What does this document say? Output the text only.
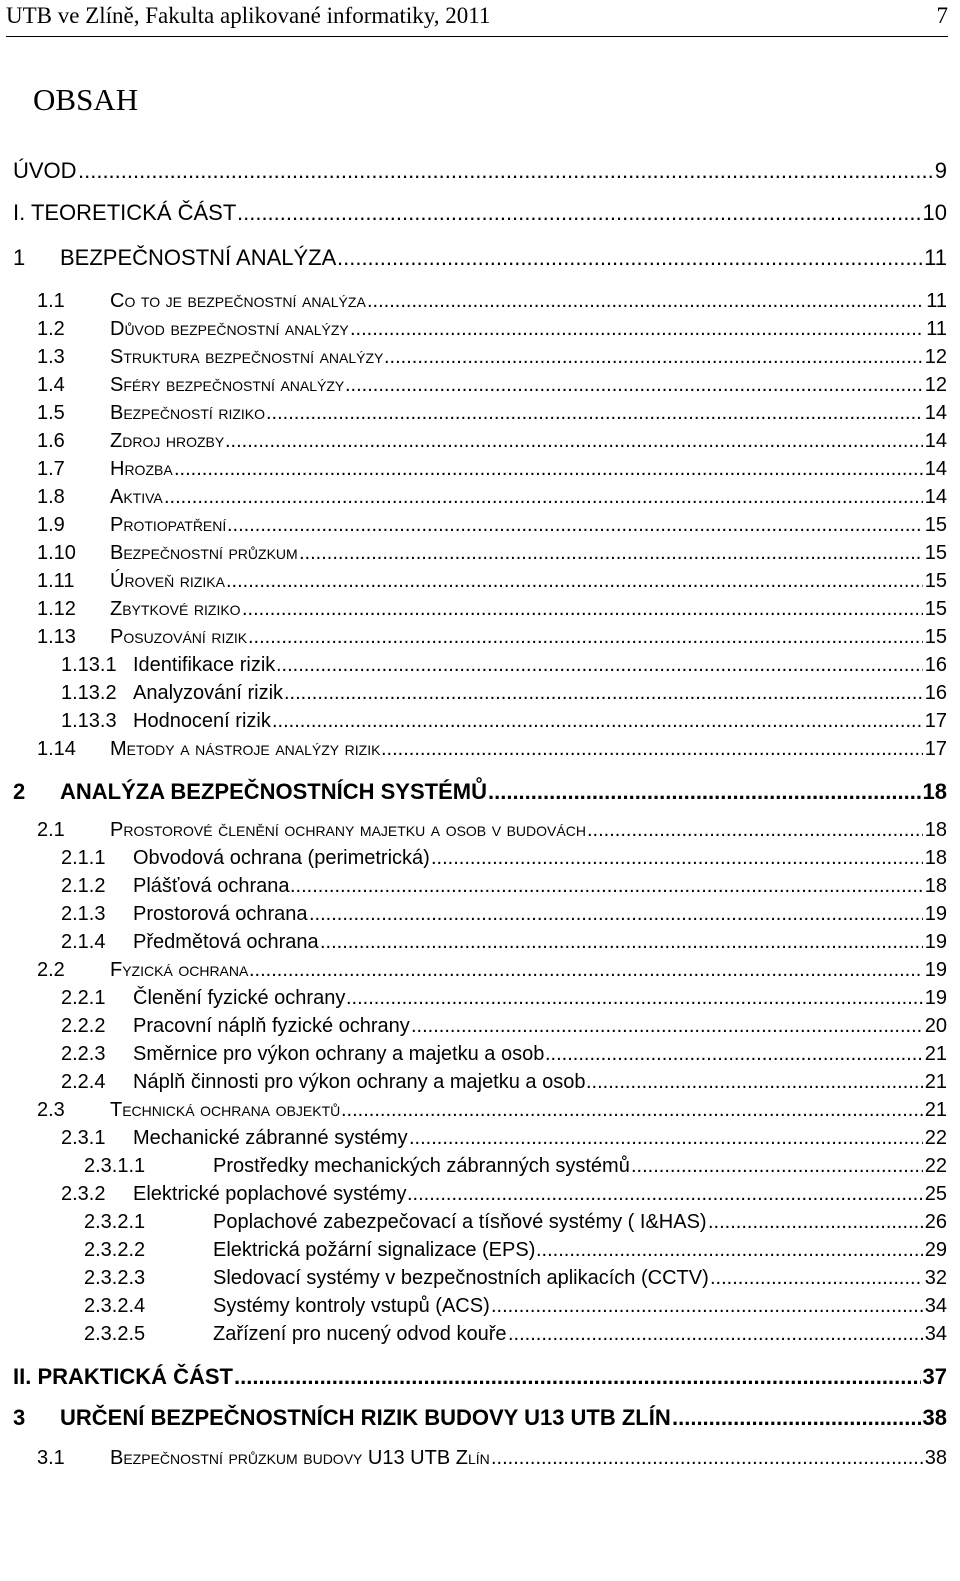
UTB ve Zlíně, Fakulta aplikované informatiky, 2011	7
OBSAH
ÚVOD	9
.....
I. TEORETICKÁ ČÁST	10
.....
1 BEZPEČNOSTNÍ ANALÝZA	11
.....
1.1 Co to je bezpečnostní analýza	11
.....
1.2 Důvod bezpečnostní analýzy	11
.....
1.3 Struktura bezpečnostní analýzy	12
.....
1.4 Sféry bezpečnostní analýzy	12
.....
1.5 Bezpečností riziko	14
.....
1.6 Zdroj hrozby	14
.....
1.7 Hrozba	14
.....
1.8 Aktiva	14
.....
1.9 Protiopatření	15
.....
1.10 Bezpečnostní průzkum	15
.....
1.11 Úroveň rizika	15
.....
1.12 Zbytkové riziko	15
.....
1.13 Posuzování rizik	15
.....
1.13.1 Identifikace rizik	16
.....
1.13.2 Analyzování rizik	16
.....
1.13.3 Hodnocení rizik	17
.....
1.14 Metody a nástroje analýzy rizik	17
.....
2 ANALÝZA BEZPEČNOSTNÍCH SYSTÉMŮ	18
.....
2.1 Prostorové členění ochrany majetku a osob v budovách	18
.....
2.1.1 Obvodová ochrana (perimetrická)	18
.....
2.1.2 Plášťová ochrana	18
.....
2.1.3 Prostorová ochrana	19
.....
2.1.4 Předmětová ochrana	19
.....
2.2 Fyzická ochrana	19
.....
2.2.1 Členění fyzické ochrany	19
.....
2.2.2 Pracovní náplň fyzické ochrany	20
.....
2.2.3 Směrnice pro výkon ochrany a majetku a osob	21
.....
2.2.4 Náplň činnosti pro výkon ochrany a majetku a osob	21
.....
2.3 Technická ochrana objektů	21
.....
2.3.1 Mechanické zábranné systémy	22
.....
2.3.1.1	Prostředky mechanických zábranných systémů	22
.....
2.3.2 Elektrické poplachové systémy	25
.....
2.3.2.1	Poplachové zabezpečovací a tísňové systémy ( I&HAS)	26
.....
2.3.2.2	Elektrická požární signalizace (EPS)	29
.....
2.3.2.3	Sledovací systémy v bezpečnostních aplikacích (CCTV)	32
.....
2.3.2.4	Systémy kontroly vstupů (ACS)	34
.....
2.3.2.5	Zařízení pro nucený odvod kouře	34
.....
II. PRAKTICKÁ ČÁST	37
.....
3 URČENÍ BEZPEČNOSTNÍCH RIZIK BUDOVY U13 UTB ZLÍN	38
.....
3.1 Bezpečnostní průzkum budovy U13 UTB Zlín	38
.....
